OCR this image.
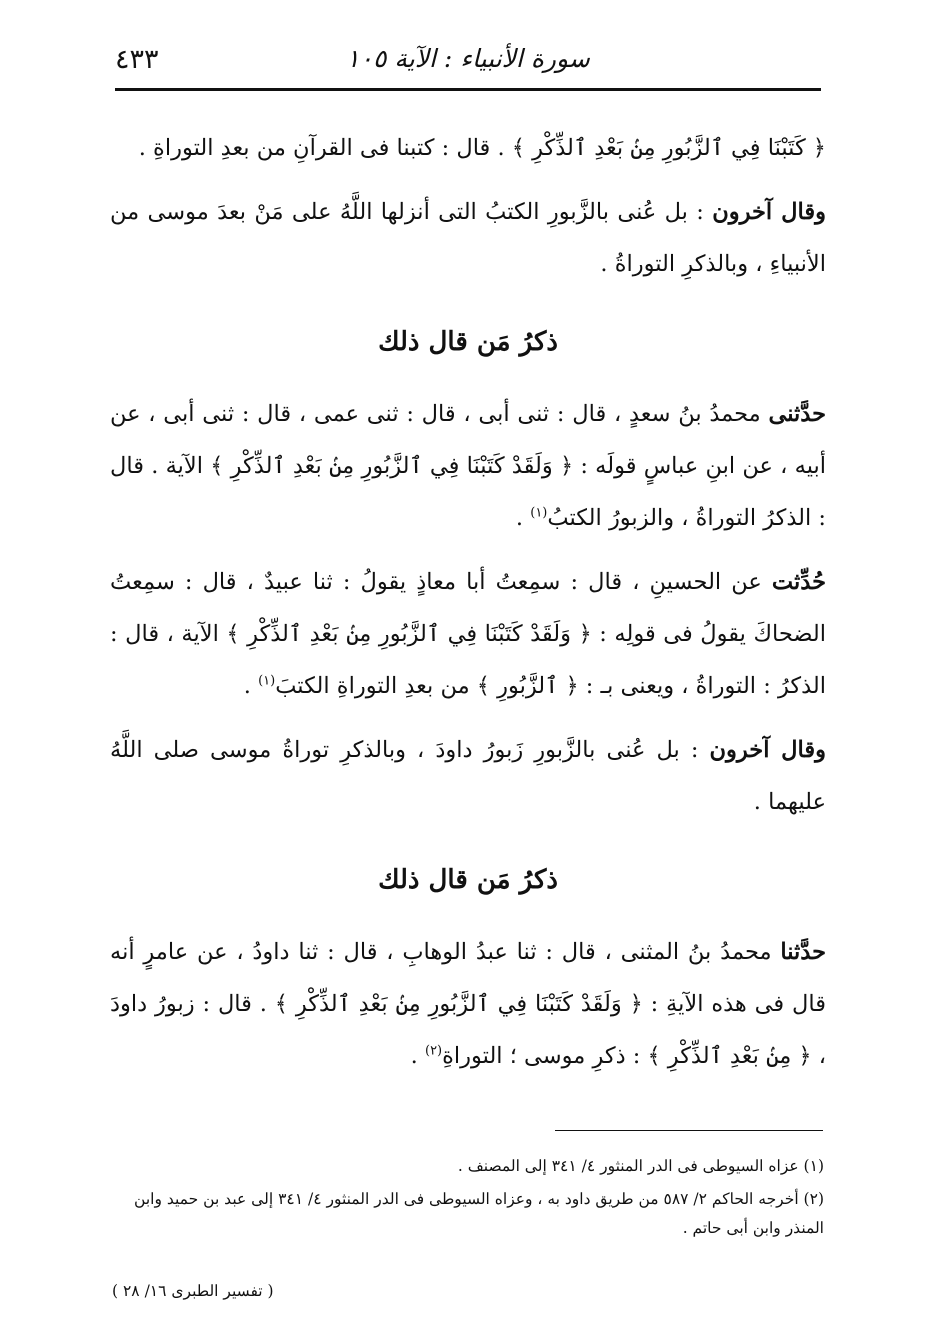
٤٣٣	سورة الأنبياء : الآية ١٠٥

﴿ كَتَبْنَا فِي ٱلزَّبُورِ مِنۢ بَعْدِ ٱلذِّكْرِ ﴾ . قال : كتبنا فى القرآنِ من بعدِ التوراةِ .

وقال آخرون : بل عُنى بالزَّبورِ الكتبُ التى أنزلها اللَّهُ على مَنْ بعدَ موسى من الأنبياءِ ، وبالذكرِ التوراةُ .

ذكرُ مَن قال ذلك

حدَّثنى محمدُ بنُ سعدٍ ، قال : ثنى أبى ، قال : ثنى عمى ، قال : ثنى أبى ، عن أبيه ، عن ابنِ عباسٍ قولَه : ﴿ وَلَقَدْ كَتَبْنَا فِي ٱلزَّبُورِ مِنۢ بَعْدِ ٱلذِّكْرِ ﴾ الآية . قال : الذكرُ التوراةُ ، والزبورُ الكتبُ$^{(١)}$ .

حُدِّثت عن الحسينِ ، قال : سمِعتُ أبا معاذٍ يقولُ : ثنا عبيدٌ ، قال : سمِعتُ الضحاكَ يقولُ فى قولِه : ﴿ وَلَقَدْ كَتَبْنَا فِي ٱلزَّبُورِ مِنۢ بَعْدِ ٱلذِّكْرِ ﴾ الآية ، قال : الذكرُ : التوراةُ ، ويعنى بـ : ﴿ ٱلزَّبُورِ ﴾ من بعدِ التوراةِ الكتبَ$^{(١)}$ .

وقال آخرون : بل عُنى بالزَّبورِ زَبورُ داودَ ، وبالذكرِ توراةُ موسى صلى اللَّهُ عليهما .

ذكرُ مَن قال ذلك

حدَّثنا محمدُ بنُ المثنى ، قال : ثنا عبدُ الوهابِ ، قال : ثنا داودُ ، عن عامرٍ أنه قال فى هذه الآيةِ : ﴿ وَلَقَدْ كَتَبْنَا فِي ٱلزَّبُورِ مِنۢ بَعْدِ ٱلذِّكْرِ ﴾ . قال : زبورُ داودَ ، ﴿ مِنۢ بَعْدِ ٱلذِّكْرِ ﴾ : ذكرِ موسى ؛ التوراةِ$^{(٢)}$ .

(١) عزاه السيوطى فى الدر المنثور ٤/ ٣٤١ إلى المصنف .

(٢) أخرجه الحاكم ٢/ ٥٨٧ من طريق داود به ، وعزاه السيوطى فى الدر المنثور ٤/ ٣٤١ إلى عبد بن حميد وابن المنذر وابن أبى حاتم .

( تفسير الطبرى ١٦/ ٢٨ )
